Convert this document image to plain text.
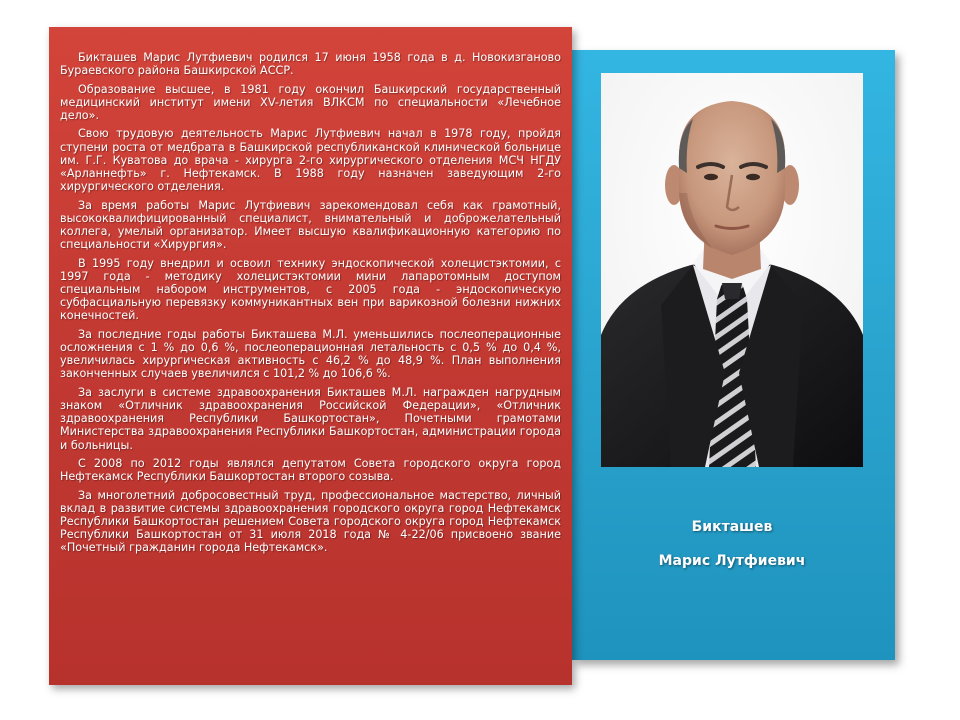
Бикташев Марис Лутфиевич родился 17 июня 1958 года в д. Новокизганово Бураевского района Башкирской АССР.

Образование высшее, в 1981 году окончил Башкирский государственный медицинский институт имени XV-летия ВЛКСМ по специальности «Лечебное дело».

Свою трудовую деятельность Марис Лутфиевич начал в 1978 году, пройдя ступени роста от медбрата в Башкирской республиканской клинической больнице им. Г.Г. Куватова до врача - хирурга 2-го хирургического отделения МСЧ НГДУ «Арланнефть» г. Нефтекамск. В 1988 году назначен заведующим 2-го хирургического отделения.

За время работы Марис Лутфиевич зарекомендовал себя как грамотный, высококвалифицированный специалист, внимательный и доброжелательный коллега, умелый организатор. Имеет высшую квалификационную категорию по специальности «Хирургия».

В 1995 году внедрил и освоил технику эндоскопической холецистэктомии, с 1997 года - методику холецистэктомии мини лапаротомным доступом специальным набором инструментов, с 2005 года - эндоскопическую субфасциальную перевязку коммуникантных вен при варикозной болезни нижних конечностей.

За последние годы работы Бикташева М.Л. уменьшились послеоперационные осложнения с 1 % до 0,6 %, послеоперационная летальность с 0,5 % до 0,4 %, увеличилась хирургическая активность с 46,2 % до 48,9 %. План выполнения законченных случаев увеличился с 101,2 % до 106,6 %.

За заслуги в системе здравоохранения Бикташев М.Л. награжден нагрудным знаком «Отличник здравоохранения Российской Федерации», «Отличник здравоохранения Республики Башкортостан», Почетными грамотами Министерства здравоохранения Республики Башкортостан, администрации города и больницы.

С 2008 по 2012 годы являлся депутатом Совета городского округа город Нефтекамск Республики Башкортостан второго созыва.

За многолетний добросовестный труд, профессиональное мастерство, личный вклад в развитие системы здравоохранения городского округа город Нефтекамск Республики Башкортостан решением Совета городского округа город Нефтекамск Республики Башкортостан от 31 июля 2018 года № 4-22/06 присвоено звание «Почетный гражданин города Нефтекамск».

Бикташев
Марис Лутфиевич
